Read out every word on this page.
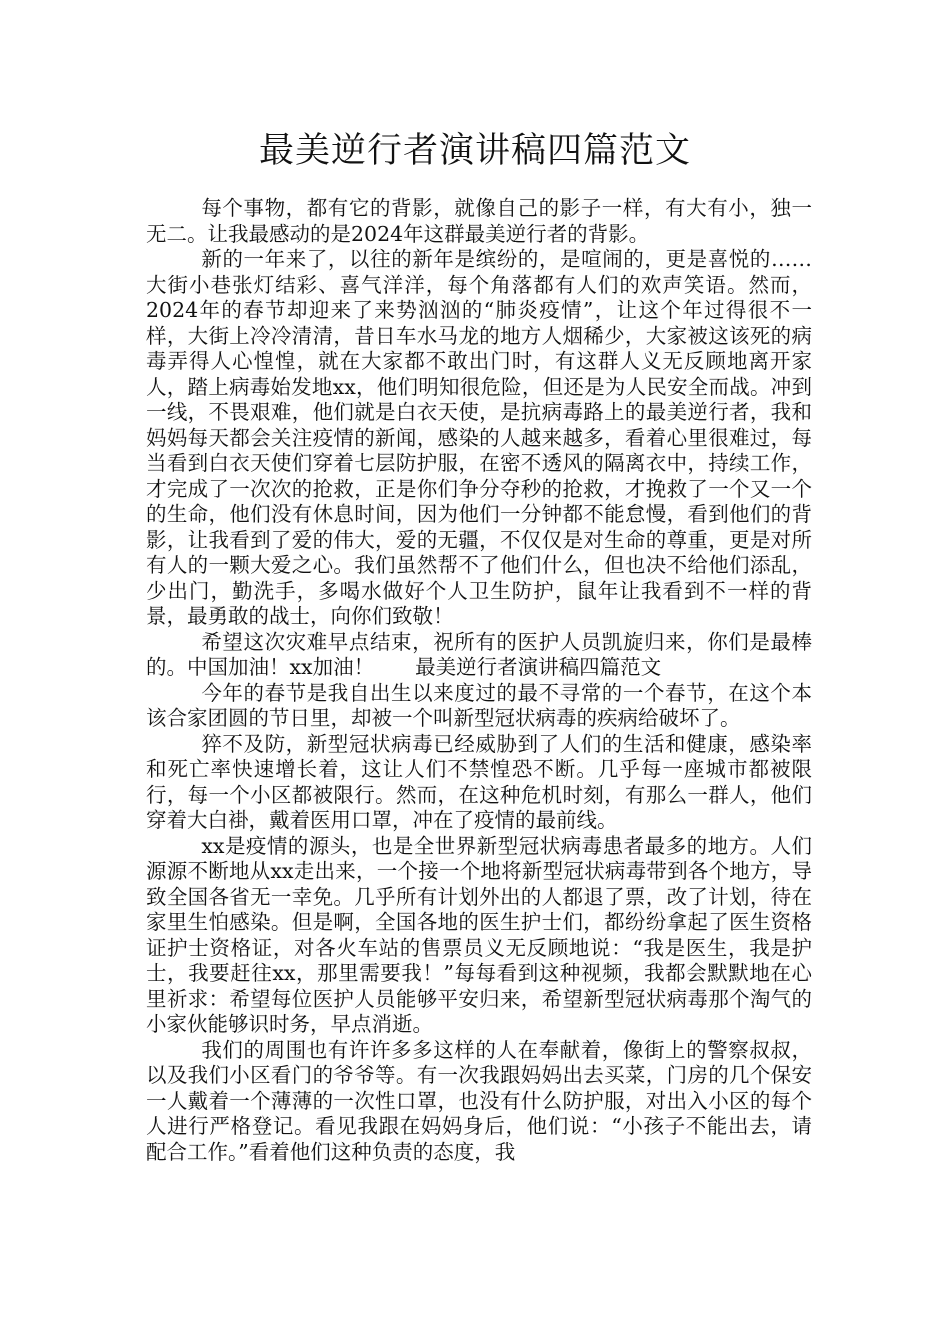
最美逆行者演讲稿四篇范文

每个事物，都有它的背影，就像自己的影子一样，有大有小，独一无二。让我最感动的是2024年这群最美逆行者的背影。

新的一年来了，以往的新年是缤纷的，是喧闹的，更是喜悦的……大街小巷张灯结彩、喜气洋洋，每个角落都有人们的欢声笑语。然而，2024年的春节却迎来了来势汹汹的“肺炎疫情”，让这个年过得很不一样，大街上冷冷清清，昔日车水马龙的地方人烟稀少，大家被这该死的病毒弄得人心惶惶，就在大家都不敢出门时，有这群人义无反顾地离开家人，踏上病毒始发地xx，他们明知很危险，但还是为人民安全而战。冲到一线，不畏艰难，他们就是白衣天使，是抗病毒路上的最美逆行者，我和妈妈每天都会关注疫情的新闻，感染的人越来越多，看着心里很难过，每当看到白衣天使们穿着七层防护服，在密不透风的隔离衣中，持续工作，才完成了一次次的抢救，正是你们争分夺秒的抢救，才挽救了一个又一个的生命，他们没有休息时间，因为他们一分钟都不能怠慢，看到他们的背影，让我看到了爱的伟大，爱的无疆，不仅仅是对生命的尊重，更是对所有人的一颗大爱之心。我们虽然帮不了他们什么，但也决不给他们添乱，少出门，勤洗手，多喝水做好个人卫生防护，鼠年让我看到不一样的背景，最勇敢的战士，向你们致敬！

希望这次灾难早点结束，祝所有的医护人员凯旋归来，你们是最棒的。中国加油！xx加油！　　最美逆行者演讲稿四篇范文

今年的春节是我自出生以来度过的最不寻常的一个春节，在这个本该合家团圆的节日里，却被一个叫新型冠状病毒的疾病给破坏了。

猝不及防，新型冠状病毒已经威胁到了人们的生活和健康，感染率和死亡率快速增长着，这让人们不禁惶恐不断。几乎每一座城市都被限行，每一个小区都被限行。然而，在这种危机时刻，有那么一群人，他们穿着大白褂，戴着医用口罩，冲在了疫情的最前线。

xx是疫情的源头，也是全世界新型冠状病毒患者最多的地方。人们源源不断地从xx走出来，一个接一个地将新型冠状病毒带到各个地方，导致全国各省无一幸免。几乎所有计划外出的人都退了票，改了计划，待在家里生怕感染。但是啊，全国各地的医生护士们，都纷纷拿起了医生资格证护士资格证，对各火车站的售票员义无反顾地说：“我是医生，我是护士，我要赶往xx，那里需要我！”每每看到这种视频，我都会默默地在心里祈求：希望每位医护人员能够平安归来，希望新型冠状病毒那个淘气的小家伙能够识时务，早点消逝。

我们的周围也有许许多多这样的人在奉献着，像街上的警察叔叔，以及我们小区看门的爷爷等。有一次我跟妈妈出去买菜，门房的几个保安一人戴着一个薄薄的一次性口罩，也没有什么防护服，对出入小区的每个人进行严格登记。看见我跟在妈妈身后，他们说：“小孩子不能出去，请配合工作。”看着他们这种负责的态度，我
